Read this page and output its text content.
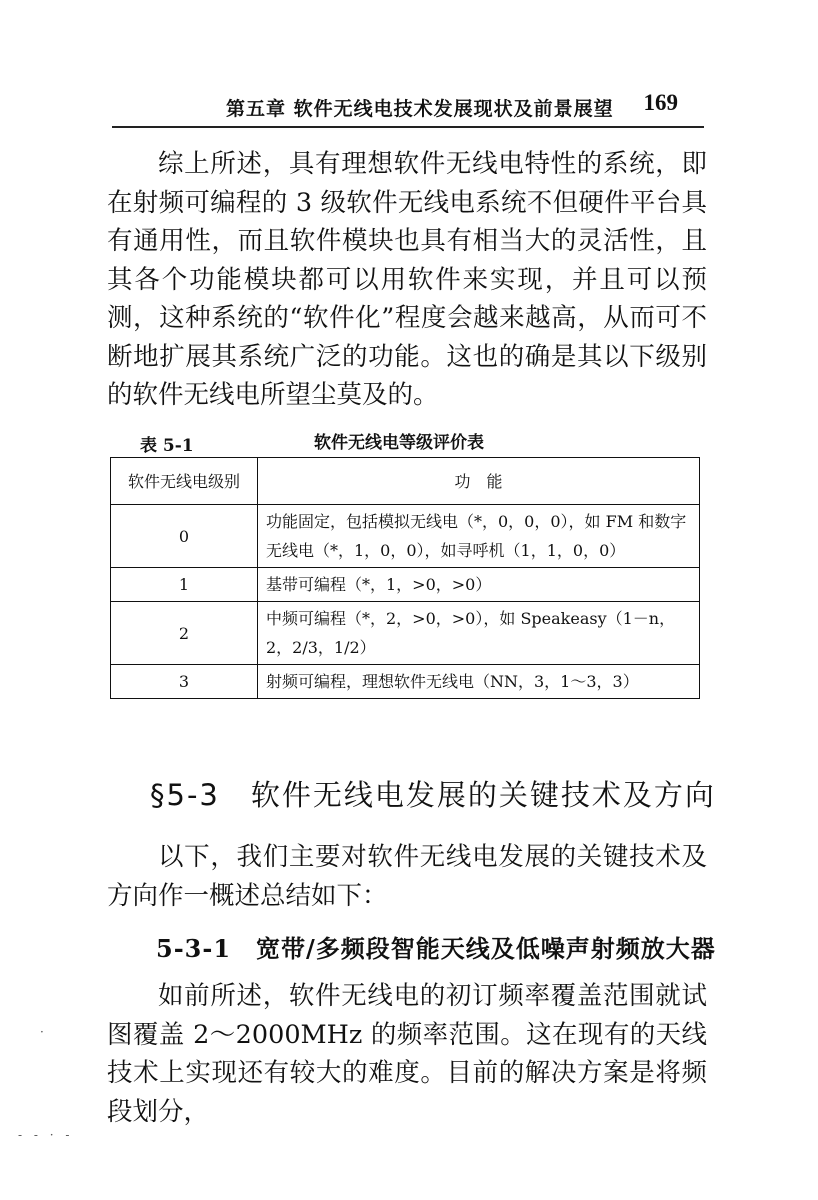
第五章 软件无线电技术发展现状及前景展望 169

综上所述，具有理想软件无线电特性的系统，即在射频可编程的 3 级软件无线电系统不但硬件平台具有通用性，而且软件模块也具有相当大的灵活性，且其各个功能模块都可以用软件来实现，并且可以预测，这种系统的“软件化”程度会越来越高，从而可不断地扩展其系统广泛的功能。这也的确是其以下级别的软件无线电所望尘莫及的。

表 5-1	软件无线电等级评价表
软件无线电级别	功　能
0	功能固定，包括模拟无线电（*，0，0，0），如 FM 和数字无线电（*，1，0，0），如寻呼机（1，1，0，0）
1	基带可编程（*，1，>0，>0）
2	中频可编程（*，2，>0，>0），如 Speakeasy（1－n，2，2/3，1/2）
3	射频可编程，理想软件无线电（NN，3，1～3，3）
§5-3　软件无线电发展的关键技术及方向

以下，我们主要对软件无线电发展的关键技术及方向作一概述总结如下：

5-3-1　宽带/多频段智能天线及低噪声射频放大器

如前所述，软件无线电的初订频率覆盖范围就试图覆盖 2～2000MHz 的频率范围。这在现有的天线技术上实现还有较大的难度。目前的解决方案是将频段划分，

·
- - · -
